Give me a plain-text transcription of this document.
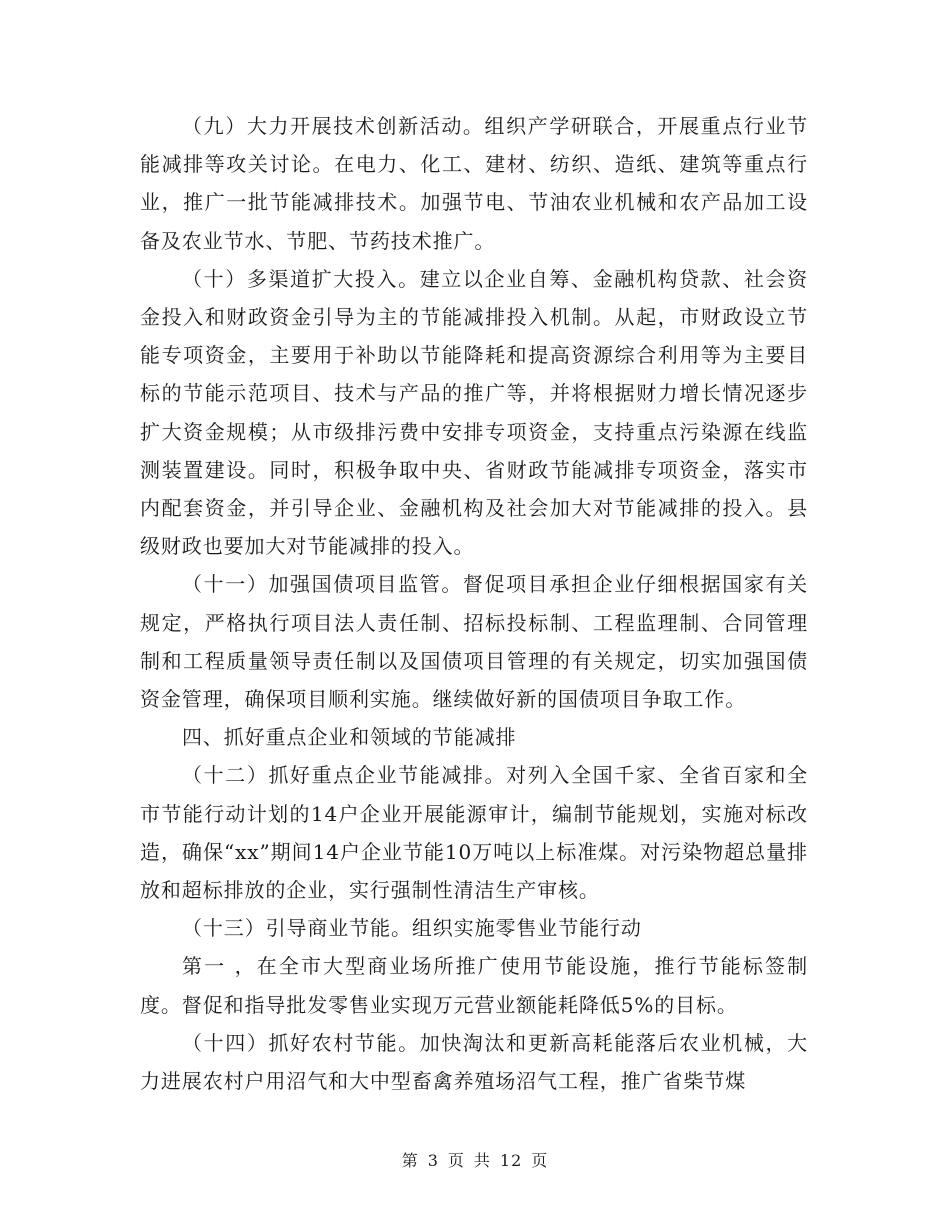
（九）大力开展技术创新活动。组织产学研联合，开展重点行业节能减排等攻关讨论。在电力、化工、建材、纺织、造纸、建筑等重点行业，推广一批节能减排技术。加强节电、节油农业机械和农产品加工设备及农业节水、节肥、节药技术推广。

（十）多渠道扩大投入。建立以企业自筹、金融机构贷款、社会资金投入和财政资金引导为主的节能减排投入机制。从起，市财政设立节能专项资金，主要用于补助以节能降耗和提高资源综合利用等为主要目标的节能示范项目、技术与产品的推广等，并将根据财力增长情况逐步扩大资金规模；从市级排污费中安排专项资金，支持重点污染源在线监测装置建设。同时，积极争取中央、省财政节能减排专项资金，落实市内配套资金，并引导企业、金融机构及社会加大对节能减排的投入。县级财政也要加大对节能减排的投入。

（十一）加强国债项目监管。督促项目承担企业仔细根据国家有关规定，严格执行项目法人责任制、招标投标制、工程监理制、合同管理制和工程质量领导责任制以及国债项目管理的有关规定，切实加强国债资金管理，确保项目顺利实施。继续做好新的国债项目争取工作。

四、抓好重点企业和领域的节能减排

（十二）抓好重点企业节能减排。对列入全国千家、全省百家和全市节能行动计划的14户企业开展能源审计，编制节能规划，实施对标改造，确保“xx”期间14户企业节能10万吨以上标准煤。对污染物超总量排放和超标排放的企业，实行强制性清洁生产审核。

（十三）引导商业节能。组织实施零售业节能行动

第一 ，在全市大型商业场所推广使用节能设施，推行节能标签制度。督促和指导批发零售业实现万元营业额能耗降低5%的目标。

（十四）抓好农村节能。加快淘汰和更新高耗能落后农业机械，大力进展农村户用沼气和大中型畜禽养殖场沼气工程，推广省柴节煤

第 3 页 共 12 页
